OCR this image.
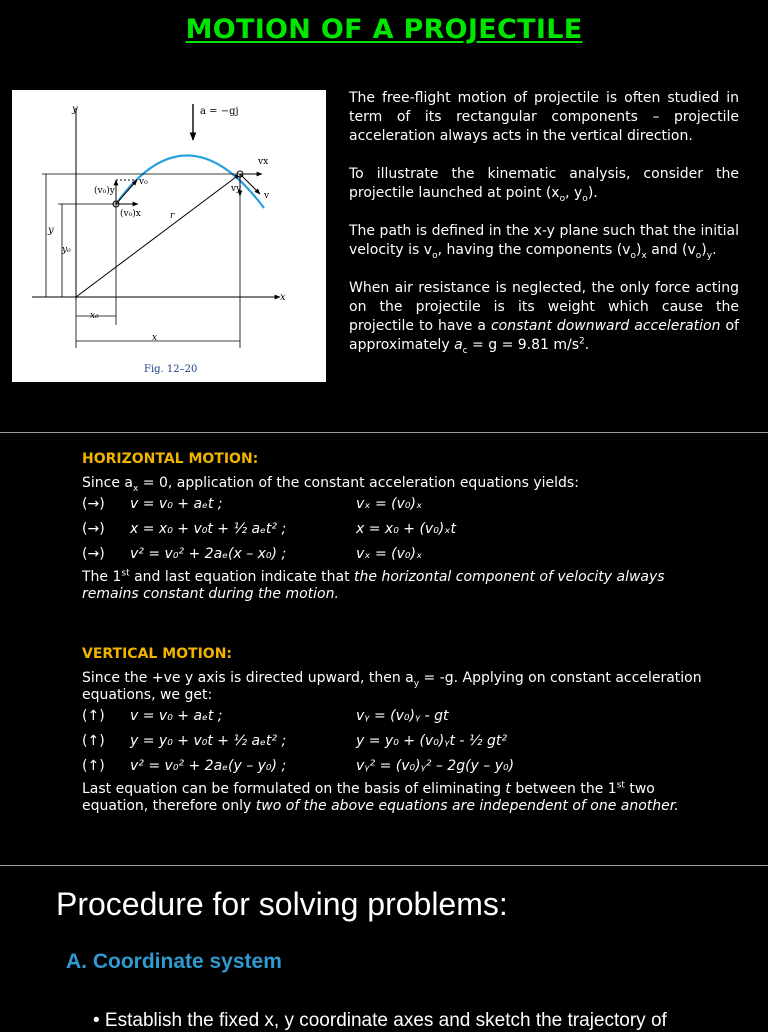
MOTION OF A PROJECTILE
a = −gj
y
x
(v₀)y
(v₀)x
v₀
vx
vy
v
r
y
y₀
x₀
x
Fig. 12–20

The free-flight motion of projectile is often studied in term of its rectangular components – projectile acceleration always acts in the vertical direction.

To illustrate the kinematic analysis, consider the projectile launched at point ($x_o$, $y_o$).

The path is defined in the x-y plane such that the initial velocity is $v_o$, having the components $(v_o)_x$ and $(v_o)_y$.

When air resistance is neglected, the only force acting on the projectile is its weight which cause the projectile to have a constant downward acceleration of approximately $a_c = g = 9.81$ $m/s^2$.

HORIZONTAL MOTION:

Since $a_x = 0$, application of the constant acceleration equations yields:

(→)	v = v₀ + aₑt ;	vₓ = (v₀)ₓ
(→)	x = x₀ + v₀t + ½ aₑt² ;	x = x₀ + (v₀)ₓt
(→)	v² = v₀² + 2aₑ(x – x₀) ;	vₓ = (v₀)ₓ

The 1st and last equation indicate that the horizontal component of velocity always remains constant during the motion.

VERTICAL MOTION:

Since the +ve y axis is directed upward, then $a_y = -g$. Applying on constant acceleration equations, we get:

(↑)	v = v₀ + aₑt ;	vᵧ = (v₀)ᵧ - gt
(↑)	y = y₀ + v₀t + ½ aₑt² ;	y = y₀ + (v₀)ᵧt - ½ gt²
(↑)	v² = v₀² + 2aₑ(y – y₀) ;	vᵧ² = (v₀)ᵧ² – 2g(y – y₀)

Last equation can be formulated on the basis of eliminating t between the 1st two equation, therefore only two of the above equations are independent of one another.

Procedure for solving problems:
A. Coordinate system
• Establish the fixed x, y coordinate axes and sketch the trajectory of
